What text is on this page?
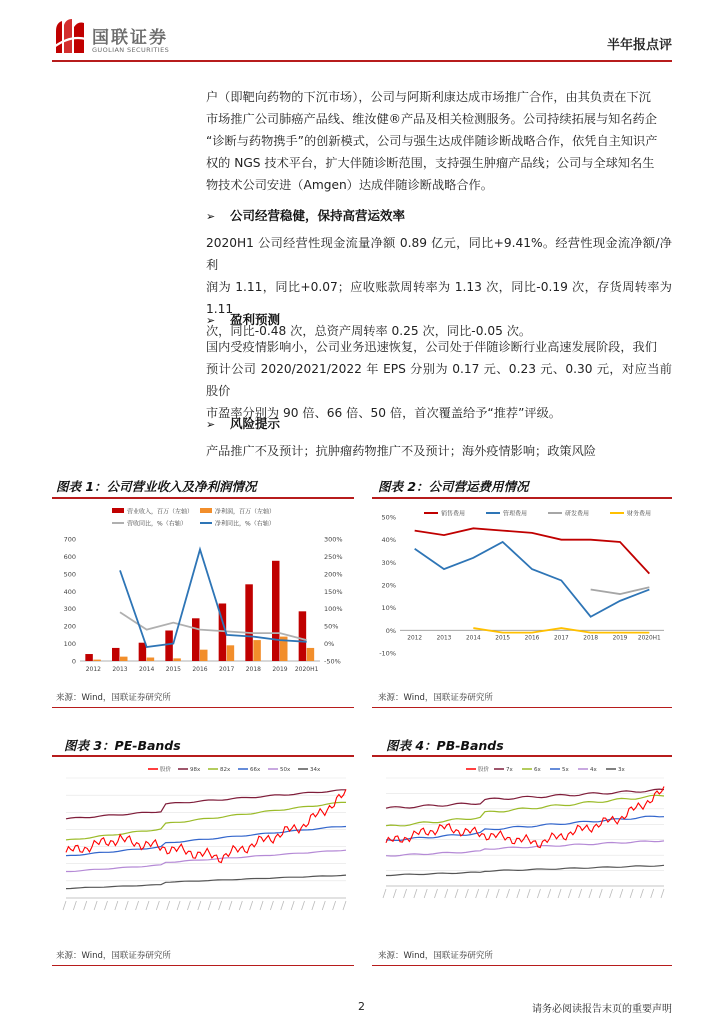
国联证券
GUOLIAN SECURITIES	半年报点评
户（即靶向药物的下沉市场），公司与阿斯利康达成市场推广合作，由其负责在下沉
市场推广公司肺癌产品线、维汝健®产品及相关检测服务。公司持续拓展与知名药企
“诊断与药物携手”的创新模式，公司与强生达成伴随诊断战略合作，依凭自主知识产
权的 NGS 技术平台，扩大伴随诊断范围，支持强生肿瘤产品线；公司与全球知名生
物技术公司安进（Amgen）达成伴随诊断战略合作。
➢ 公司经营稳健，保持高营运效率
2020H1 公司经营性现金流量净额 0.89 亿元，同比+9.41%。经营性现金流净额/净利
润为 1.11，同比+0.07；应收账款周转率为 1.13 次，同比-0.19 次，存货周转率为 1.11
次，同比-0.48 次，总资产周转率 0.25 次，同比-0.05 次。
➢ 盈利预测
国内受疫情影响小，公司业务迅速恢复，公司处于伴随诊断行业高速发展阶段，我们
预计公司 2020/2021/2022 年 EPS 分别为 0.17 元、0.23 元、0.30 元，对应当前股价
市盈率分别为 90 倍、66 倍、50 倍，首次覆盖给予“推荐”评级。
➢ 风险提示
产品推广不及预计；抗肿瘤药物推广不及预计；海外疫情影响；政策风险
图表 1：公司营业收入及净利润情况
营业收入，百万（左轴）	净利润，百万（左轴）
营收同比，%（右轴）	净利同比，%（右轴）
0
100
200
300
400
500
600
700
-50%
0%
50%
100%
150%
200%
250%
300%
2012 2013 2014 2015 2016 2017 2018 2019 2020H1
来源：Wind，国联证券研究所
图表 2：公司营运费用情况
销售费用	管理费用	研发费用	财务费用
-10%
0%
10%
20%
30%
40%
50%
2012	2013	2014	2015	2016	2017	2018	2019 2020H1
来源：Wind，国联证券研究所
图表 3：PE-Bands
股价	98x	82x	66x	50x	34x
来源：Wind，国联证券研究所
图表 4：PB-Bands
股价	7x	6x	5x	4x	3x
来源：Wind，国联证券研究所
2	请务必阅读报告末页的重要声明
